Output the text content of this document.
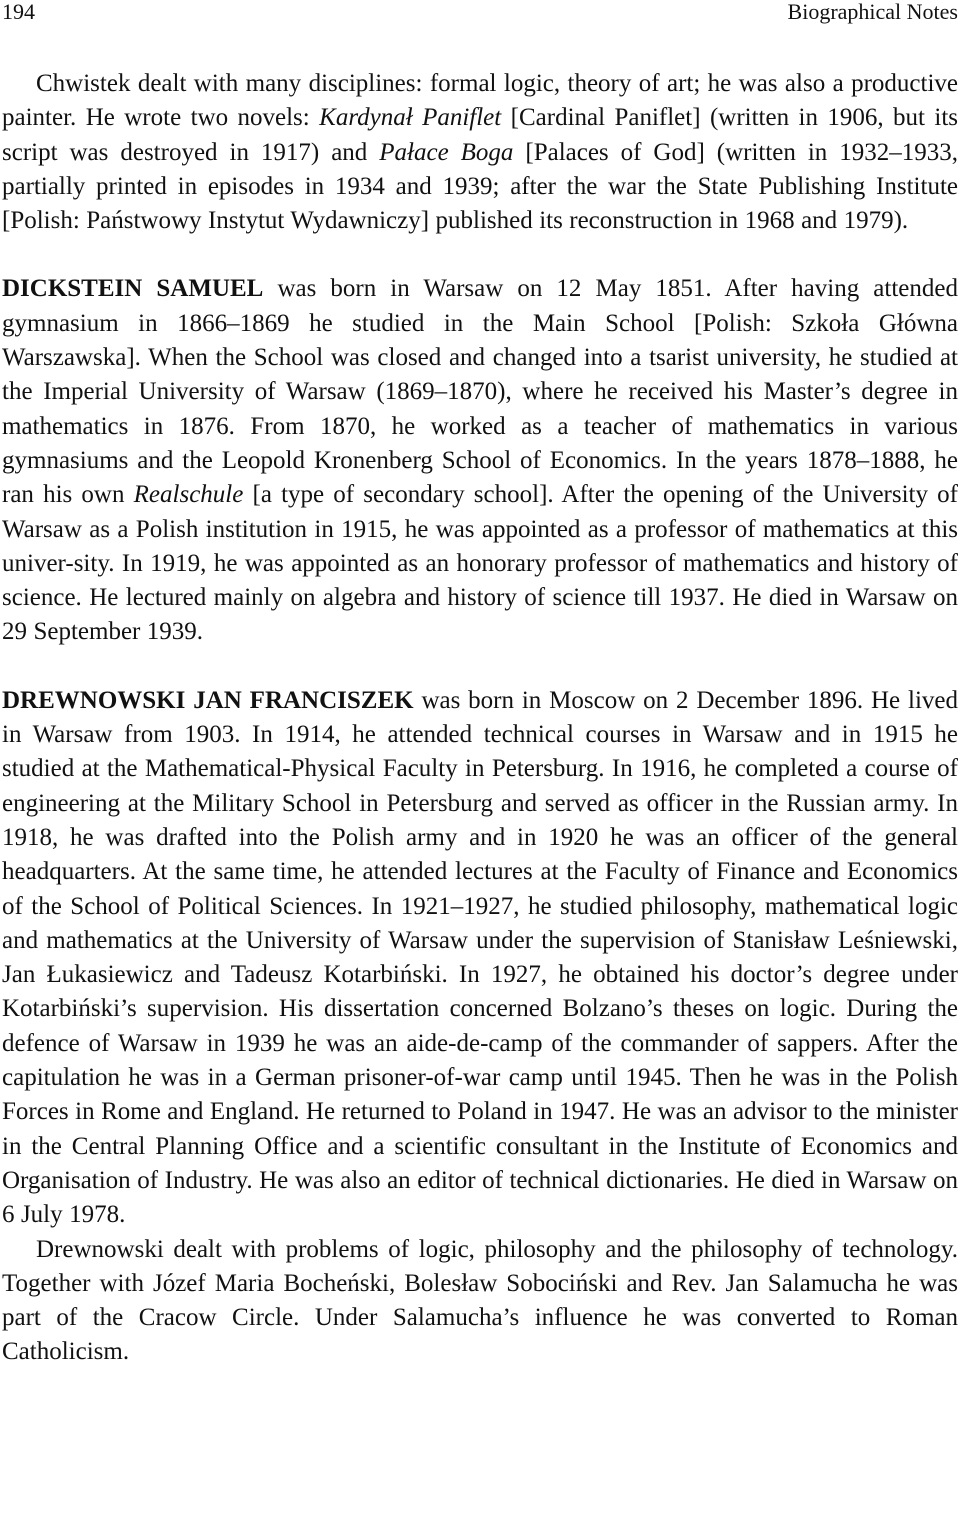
194	Biographical Notes

Chwistek dealt with many disciplines: formal logic, theory of art; he was also a productive painter. He wrote two novels: Kardynał Paniflet [Cardinal Paniflet] (written in 1906, but its script was destroyed in 1917) and Pałace Boga [Palaces of God] (written in 1932–1933, partially printed in episodes in 1934 and 1939; after the war the State Publishing Institute [Polish: Państwowy Instytut Wydawniczy] published its reconstruction in 1968 and 1979).

DICKSTEIN SAMUEL was born in Warsaw on 12 May 1851. After having attended gymnasium in 1866–1869 he studied in the Main School [Polish: Szkoła Główna Warszawska]. When the School was closed and changed into a tsarist university, he studied at the Imperial University of Warsaw (1869–1870), where he received his Master’s degree in mathematics in 1876. From 1870, he worked as a teacher of mathematics in various gymnasiums and the Leopold Kronenberg School of Economics. In the years 1878–1888, he ran his own Realschule [a type of secondary school]. After the opening of the University of Warsaw as a Polish institution in 1915, he was appointed as a professor of mathematics at this univer-sity. In 1919, he was appointed as an honorary professor of mathematics and history of science. He lectured mainly on algebra and history of science till 1937. He died in Warsaw on 29 September 1939.

DREWNOWSKI JAN FRANCISZEK was born in Moscow on 2 December 1896. He lived in Warsaw from 1903. In 1914, he attended technical courses in Warsaw and in 1915 he studied at the Mathematical-Physical Faculty in Petersburg. In 1916, he completed a course of engineering at the Military School in Petersburg and served as officer in the Russian army. In 1918, he was drafted into the Polish army and in 1920 he was an officer of the general headquarters. At the same time, he attended lectures at the Faculty of Finance and Economics of the School of Political Sciences. In 1921–1927, he studied philosophy, mathematical logic and mathematics at the University of Warsaw under the supervision of Stanisław Leśniewski, Jan Łukasiewicz and Tadeusz Kotarbiński. In 1927, he obtained his doctor’s degree under Kotarbiński’s supervision. His dissertation concerned Bolzano’s theses on logic. During the defence of Warsaw in 1939 he was an aide-de-camp of the commander of sappers. After the capitulation he was in a German prisoner-of-war camp until 1945. Then he was in the Polish Forces in Rome and England. He returned to Poland in 1947. He was an advisor to the minister in the Central Planning Office and a scientific consultant in the Institute of Economics and Organisation of Industry. He was also an editor of technical dictionaries. He died in Warsaw on 6 July 1978.

Drewnowski dealt with problems of logic, philosophy and the philosophy of technology. Together with Józef Maria Bocheński, Bolesław Sobociński and Rev. Jan Salamucha he was part of the Cracow Circle. Under Salamucha’s influence he was converted to Roman Catholicism.
